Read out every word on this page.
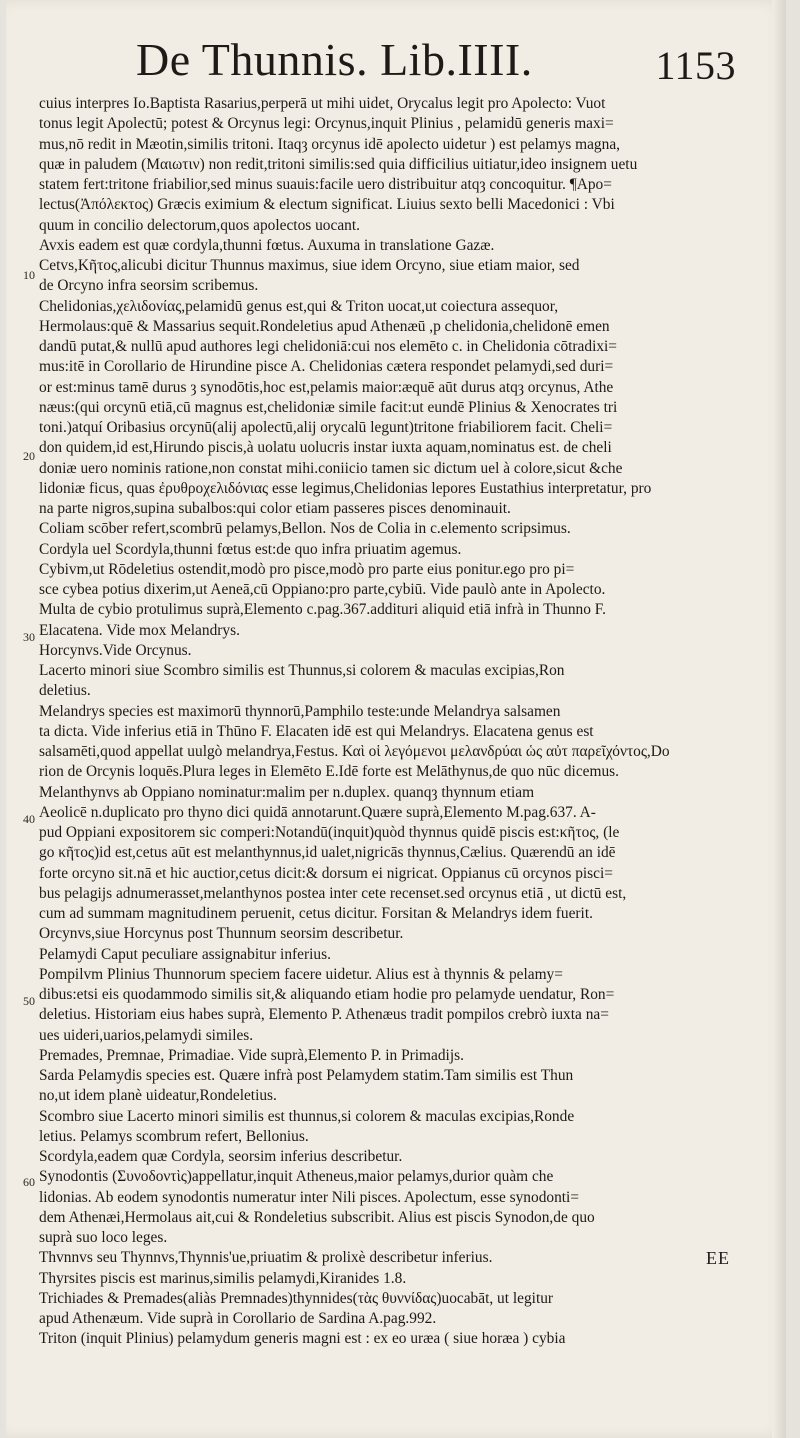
De Thunnis. Lib.IIII.	1153
10
20
30
40
50
60
cuius interpres Io.Baptista Rasarius,perperā ut mihi uidet, Orycalus legit pro Apolecto: Vuot
tonus legit Apolectū; potest & Orcynus legi: Orcynus,inquit Plinius , pelamidū generis maxi=
mus,nō redit in Mæotin,similis tritoni. Itaqȝ orcynus idē apolecto uidetur ) est pelamys magna,
quæ in paludem (Μαιωτιν) non redit,tritoni similis:sed quia difficilius uitiatur,ideo insignem uetu
statem fert:tritone friabilior,sed minus suauis:facile uero distribuitur atqȝ concoquitur. ¶Apo=
lectus(Ἀπόλεκτος) Græcis eximium & electum significat. Liuius sexto belli Macedonici : Vbi
quum in concilio delectorum,quos apolectos uocant.
Avxis eadem est quæ cordyla,thunni fœtus. Auxuma in translatione Gazæ.
Cetvs,Κῆτος,alicubi dicitur Thunnus maximus, siue idem Orcyno, siue etiam maior, sed
de Orcyno infra seorsim scribemus.
Chelidonias,χελιδονίας,pelamidū genus est,qui & Triton uocat,ut coiectura assequor,
Hermolaus:quē & Massarius sequit.Rondeletius apud Athenæū ,p chelidonia,chelidonē emen
dandū putat,& nullū apud authores legi chelidoniā:cui nos elemēto c. in Chelidonia cōtradixi=
mus:itē in Corollario de Hirundine pisce A. Chelidonias cætera respondet pelamydi,sed duri=
or est:minus tamē durus ȝ synodōtis,hoc est,pelamis maior:æquē aūt durus atqȝ orcynus, Athe
næus:(qui orcynū etiā,cū magnus est,chelidoniæ simile facit:ut eundē Plinius & Xenocrates tri
toni.)atquí Oribasius orcynū(alij apolectū,alij orycalū legunt)tritone friabiliorem facit. Cheli=
don quidem,id est,Hirundo piscis,à uolatu uolucris instar iuxta aquam,nominatus est. de cheli
doniæ uero nominis ratione,non constat mihi.coniicio tamen sic dictum uel à colore,sicut &che
lidoniæ ficus, quas ἐρυθροχελιδόνιας esse legimus,Chelidonias lepores Eustathius interpretatur, pro
na parte nigros,supina subalbos:qui color etiam passeres pisces denominauit.
Coliam scōber refert,scombrū pelamys,Bellon. Nos de Colia in c.elemento scripsimus.
Cordyla uel Scordyla,thunni fœtus est:de quo infra priuatim agemus.
Cybivm,ut Rōdeletius ostendit,modò pro pisce,modò pro parte eius ponitur.ego pro pi=
sce cybea potius dixerim,ut Aeneā,cū Oppiano:pro parte,cybiū. Vide paulò ante in Apolecto.
Multa de cybio protulimus suprà,Elemento c.pag.367.addituri aliquid etiā infrà in Thunno F.
Elacatena. Vide mox Melandrys.
Horcynvs.Vide Orcynus.
Lacerto minori siue Scombro similis est Thunnus,si colorem & maculas excipias,Ron
deletius.
Melandrys species est maximorū thynnorū,Pamphilo teste:unde Melandrya salsamen
ta dicta. Vide inferius etiā in Thūno F. Elacaten idē est qui Melandrys. Elacatena genus est
salsamēti,quod appellat uulgò melandrya,Festus. Καὶ οἱ λεγόμενοι μελανδρύαι ὡς αὐτ παρεῖχόντος,Do
rion de Orcynis loquēs.Plura leges in Elemēto E.Idē forte est Melāthynus,de quo nūc dicemus.
Melanthynvs ab Oppiano nominatur:malim per n.duplex. quanqȝ thynnum etiam
Aeolicē n.duplicato pro thyno dici quidā annotarunt.Quære suprà,Elemento M.pag.637. A-
pud Oppiani expositorem sic comperi:Notandū(inquit)quòd thynnus quidē piscis est:κῆτος, (le
go κῆτος)id est,cetus aūt est melanthynnus,id ualet,nigricās thynnus,Cælius. Quærendū an idē
forte orcyno sit.nā et hic auctior,cetus dicit:& dorsum ei nigricat. Oppianus cū orcynos pisci=
bus pelagijs adnumerasset,melanthynos postea inter cete recenset.sed orcynus etiā , ut dictū est,
cum ad summam magnitudinem peruenit, cetus dicitur. Forsitan & Melandrys idem fuerit.
Orcynvs,siue Horcynus post Thunnum seorsim describetur.
Pelamydi Caput peculiare assignabitur inferius.
Pompilvm Plinius Thunnorum speciem facere uidetur. Alius est à thynnis & pelamy=
dibus:etsi eis quodammodo similis sit,& aliquando etiam hodie pro pelamyde uendatur, Ron=
deletius. Historiam eius habes suprà, Elemento P. Athenæus tradit pompilos crebrò iuxta na=
ues uideri,uarios,pelamydi similes.
Premades, Premnae, Primadiae. Vide suprà,Elemento P. in Primadijs.
Sarda Pelamydis species est. Quære infrà post Pelamydem statim.Tam similis est Thun
no,ut idem planè uideatur,Rondeletius.
Scombro siue Lacerto minori similis est thunnus,si colorem & maculas excipias,Ronde
letius. Pelamys scombrum refert, Bellonius.
Scordyla,eadem quæ Cordyla, seorsim inferius describetur.
Synodontis (Συνοδοντὶς)appellatur,inquit Atheneus,maior pelamys,durior quàm che
lidonias. Ab eodem synodontis numeratur inter Nili pisces. Apolectum, esse synodonti=
dem Athenæi,Hermolaus ait,cui & Rondeletius subscribit. Alius est piscis Synodon,de quo
suprà suo loco leges.
Thvnnvs seu Thynnvs,Thynnis'ue,priuatim & prolixè describetur inferius.
Thyrsites piscis est marinus,similis pelamydi,Kiranides 1.8.
Trichiades & Premades(aliàs Premnades)thynnides(τὰς θυννίδας)uocabāt, ut legitur
apud Athenæum. Vide suprà in Corollario de Sardina A.pag.992.
Triton (inquit Plinius) pelamydum generis magni est : ex eo uræa ( siue horæa ) cybia
EE
